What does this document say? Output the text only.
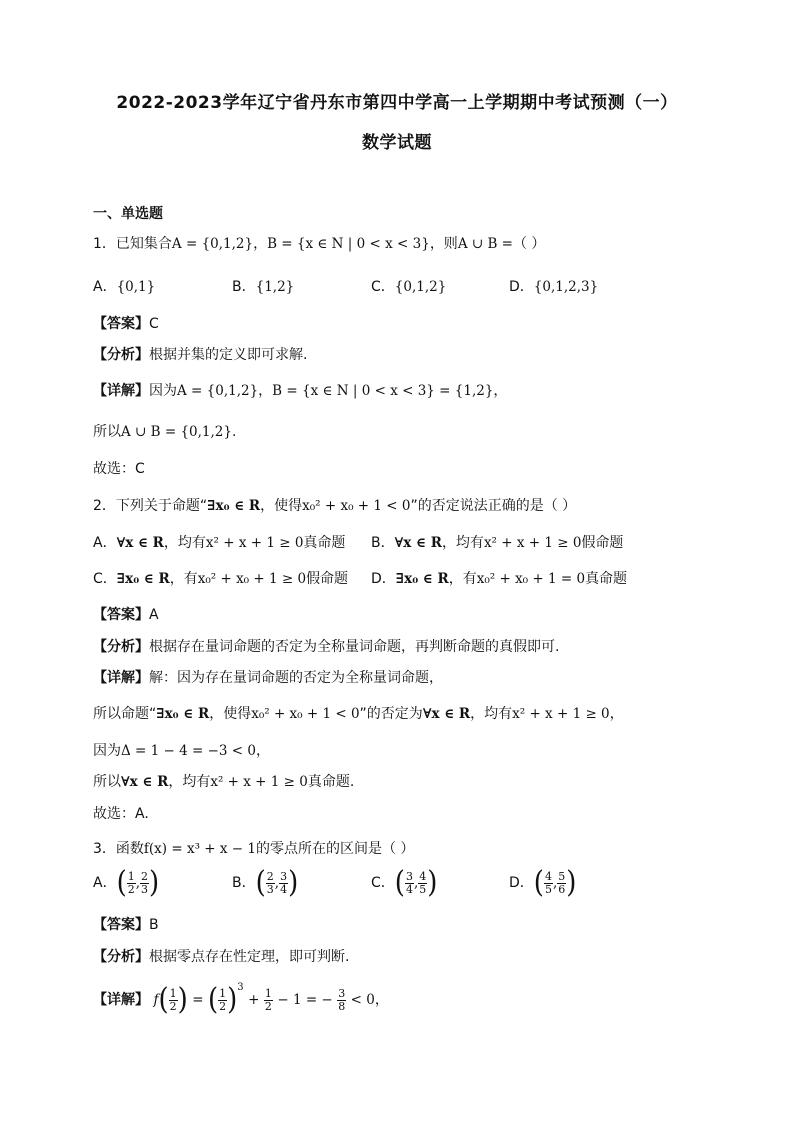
2022-2023学年辽宁省丹东市第四中学高一上学期期中考试预测（一）
数学试题
一、单选题
1．已知集合A = {0,1,2}，B = {x ∈ N | 0 < x < 3}，则A ∪ B =（ ）
A．{0,1}	B．{1,2}	C．{0,1,2}	D．{0,1,2,3}
【答案】C
【分析】根据并集的定义即可求解.
【详解】因为A = {0,1,2}，B = {x ∈ N | 0 < x < 3} = {1,2}，
所以A ∪ B = {0,1,2}.
故选：C
2．下列关于命题“∃x₀ ∈ R，使得x₀² + x₀ + 1 < 0”的否定说法正确的是（ ）
A．∀x ∈ R，均有x² + x + 1 ≥ 0真命题 B．∀x ∈ R，均有x² + x + 1 ≥ 0假命题
C．∃x₀ ∈ R，有x₀² + x₀ + 1 ≥ 0假命题 D．∃x₀ ∈ R，有x₀² + x₀ + 1 = 0真命题
【答案】A
【分析】根据存在量词命题的否定为全称量词命题，再判断命题的真假即可.
【详解】解：因为存在量词命题的否定为全称量词命题，
所以命题“∃x₀ ∈ R，使得x₀² + x₀ + 1 < 0”的否定为∀x ∈ R，均有x² + x + 1 ≥ 0，
因为Δ = 1 − 4 = −3 < 0，
所以∀x ∈ R，均有x² + x + 1 ≥ 0真命题.
故选：A.
3．函数f(x) = x³ + x − 1的零点所在的区间是（ ）
A．( $\frac{1}{2}$ , $\frac{2}{3}$ )	B．( $\frac{2}{3}$ , $\frac{3}{4}$ )	C．( $\frac{3}{4}$ , $\frac{4}{5}$ )	D．( $\frac{4}{5}$ , $\frac{5}{6}$ )
【答案】B
【分析】根据零点存在性定理，即可判断.
【详解】 $f( \frac{1}{2}$ ) = ( $\frac{1}{2} )^3 + \frac{1}{2} - 1$ = − $\frac{3}{8} < 0$，
